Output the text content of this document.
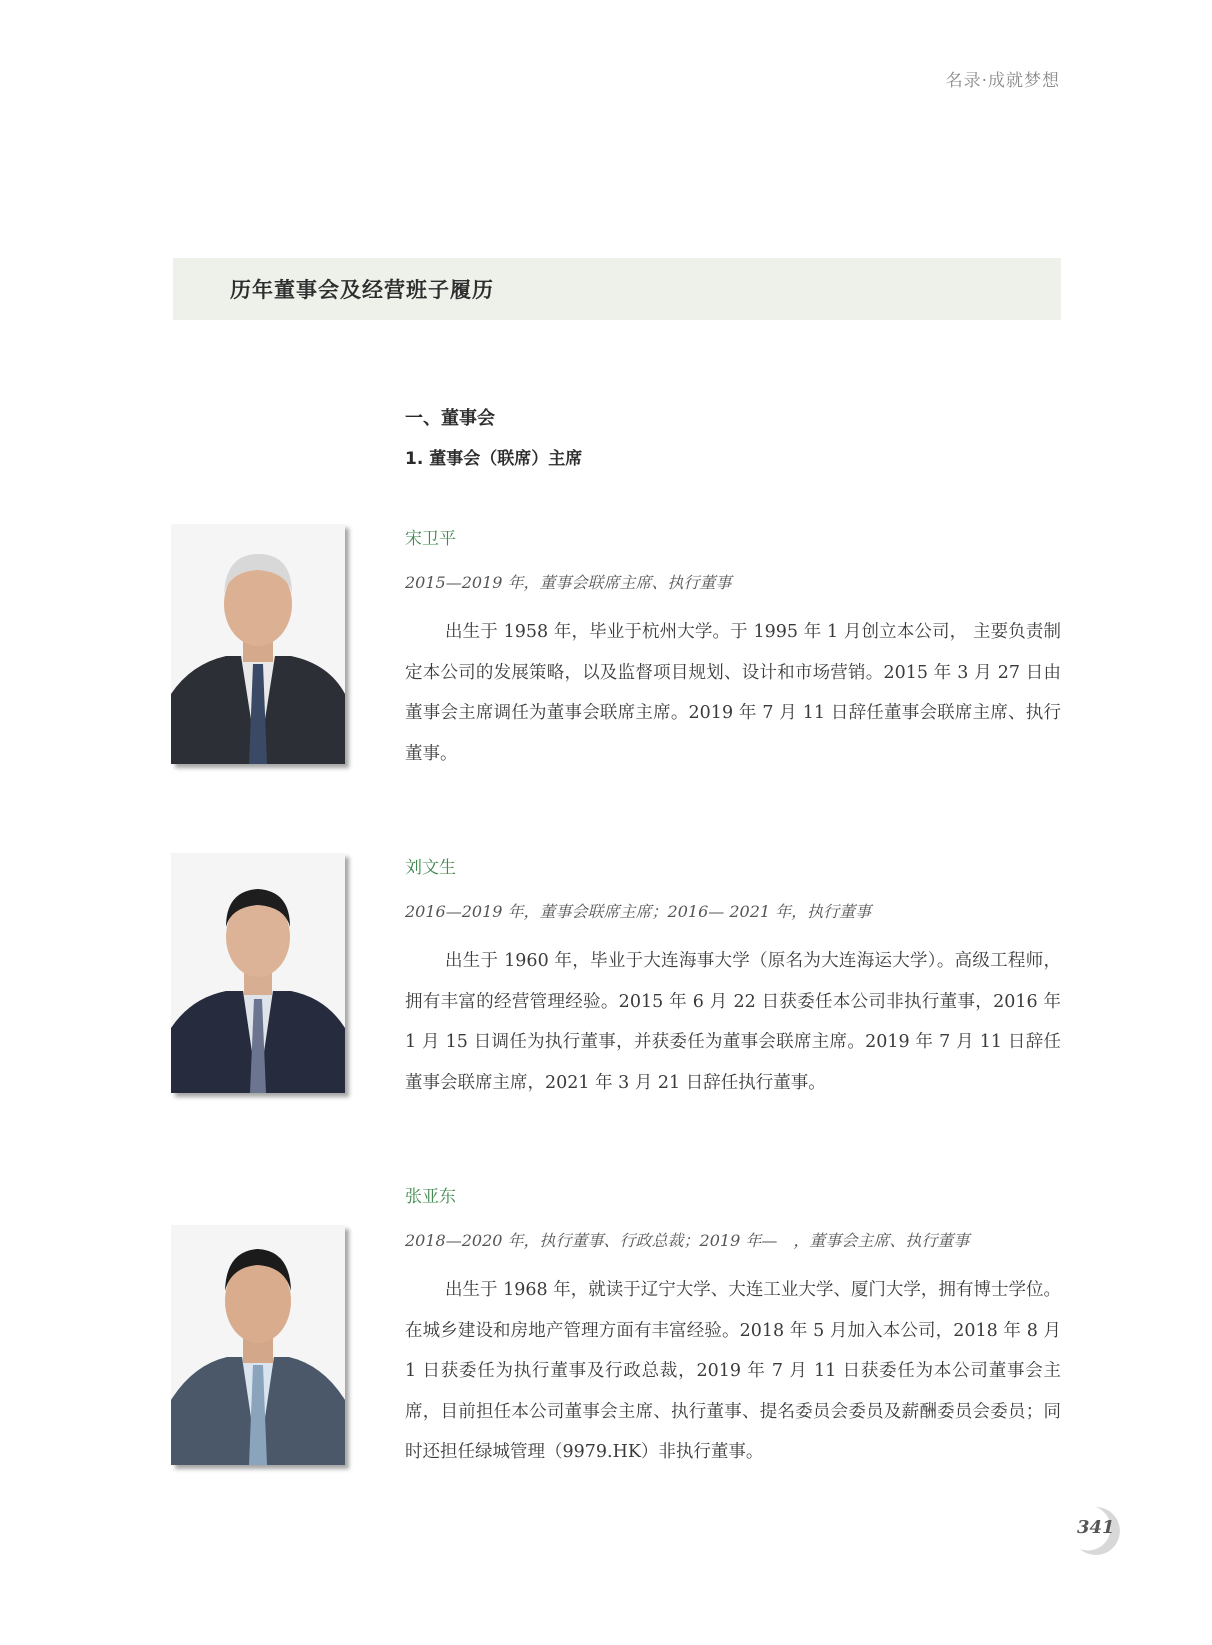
名录·成就梦想
历年董事会及经营班子履历
一、董事会
1. 董事会（联席）主席
宋卫平
2015—2019 年，董事会联席主席、执行董事
出生于 1958 年，毕业于杭州大学。于 1995 年 1 月创立本公司， 主要负责制定本公司的发展策略，以及监督项目规划、设计和市场营销。2015 年 3 月 27 日由董事会主席调任为董事会联席主席。2019 年 7 月 11 日辞任董事会联席主席、执行董事。
刘文生
2016—2019 年，董事会联席主席；2016— 2021 年，执行董事
出生于 1960 年，毕业于大连海事大学（原名为大连海运大学）。高级工程师，拥有丰富的经营管理经验。2015 年 6 月 22 日获委任本公司非执行董事，2016 年 1 月 15 日调任为执行董事，并获委任为董事会联席主席。2019 年 7 月 11 日辞任董事会联席主席，2021 年 3 月 21 日辞任执行董事。
张亚东
2018—2020 年，执行董事、行政总裁；2019 年—　，董事会主席、执行董事
出生于 1968 年，就读于辽宁大学、大连工业大学、厦门大学，拥有博士学位。在城乡建设和房地产管理方面有丰富经验。2018 年 5 月加入本公司，2018 年 8 月 1 日获委任为执行董事及行政总裁，2019 年 7 月 11 日获委任为本公司董事会主席，目前担任本公司董事会主席、执行董事、提名委员会委员及薪酬委员会委员；同时还担任绿城管理（9979.HK）非执行董事。
341
